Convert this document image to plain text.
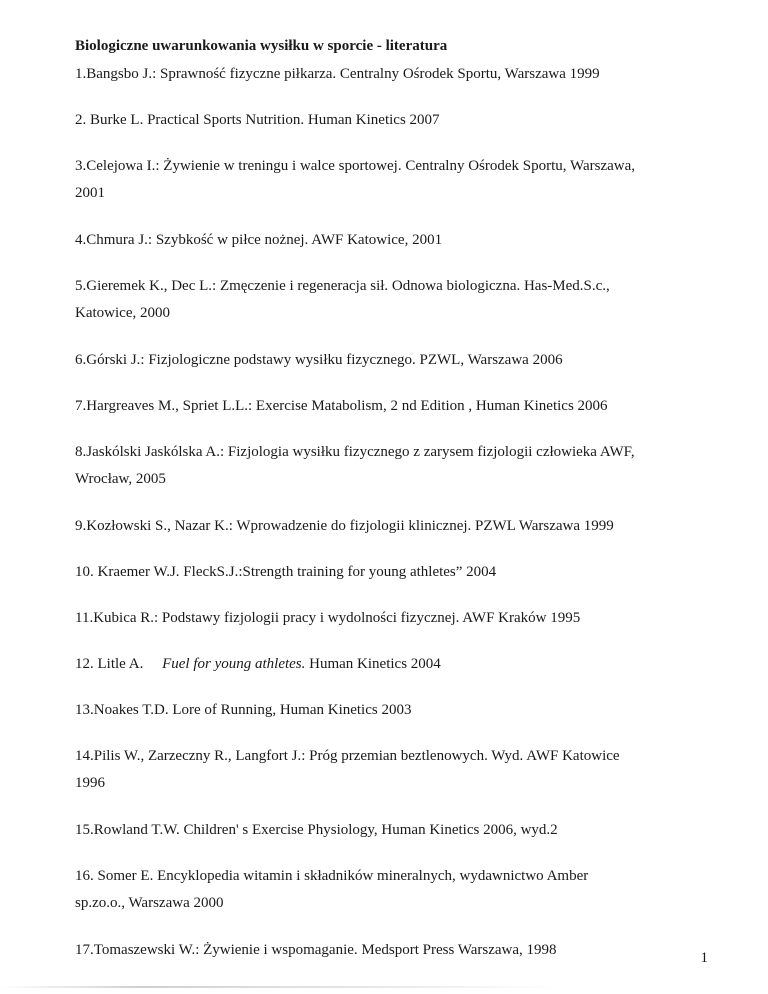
Biologiczne uwarunkowania wysiłku w sporcie - literatura
1
1.Bangsbo J.: Sprawność fizyczne piłkarza. Centralny Ośrodek Sportu, Warszawa 1999
2. Burke L. Practical Sports Nutrition. Human Kinetics 2007
3.Celejowa I.: Żywienie w treningu i walce sportowej. Centralny Ośrodek Sportu, Warszawa,
2001
4.Chmura J.: Szybkość w piłce nożnej. AWF Katowice, 2001
5.Gieremek K., Dec L.: Zmęczenie i regeneracja sił. Odnowa biologiczna. Has-Med.S.c.,
Katowice, 2000
6.Górski J.: Fizjologiczne podstawy wysiłku fizycznego. PZWL, Warszawa 2006
7.Hargreaves M., Spriet L.L.: Exercise Matabolism, 2 nd Edition , Human Kinetics 2006
8.Jaskólski Jaskólska A.: Fizjologia wysiłku fizycznego z zarysem fizjologii człowieka AWF,
Wrocław, 2005
9.Kozłowski S., Nazar K.: Wprowadzenie do fizjologii klinicznej. PZWL Warszawa 1999
10. Kraemer W.J. FleckS.J.:Strength training for young athletes” 2004
11.Kubica R.: Podstawy fizjologii pracy i wydolności fizycznej. AWF Kraków 1995
12. Litle A. Fuel for young athletes. Human Kinetics 2004
13.Noakes T.D. Lore of Running, Human Kinetics 2003
14.Pilis W., Zarzeczny R., Langfort J.: Próg przemian beztlenowych. Wyd. AWF Katowice
1996
15.Rowland T.W. Children' s Exercise Physiology, Human Kinetics 2006, wyd.2
16. Somer E. Encyklopedia witamin i składników mineralnych, wydawnictwo Amber
sp.zo.o., Warszawa 2000
17.Tomaszewski W.: Żywienie i wspomaganie. Medsport Press Warszawa, 1998
